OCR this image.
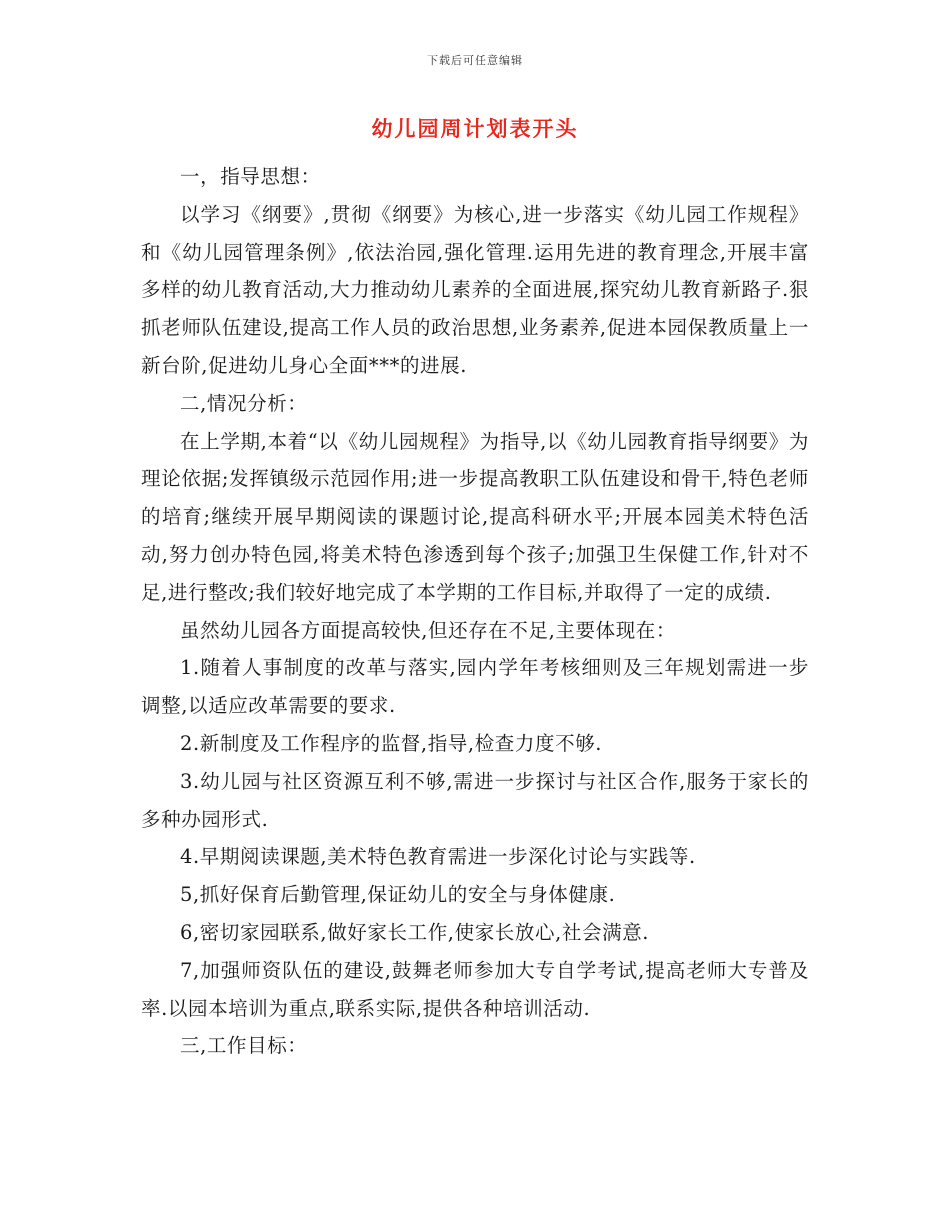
下载后可任意编辑
幼儿园周计划表开头

一，指导思想：

以学习《纲要》,贯彻《纲要》为核心,进一步落实《幼儿园工作规程》和《幼儿园管理条例》,依法治园,强化管理.运用先进的教育理念,开展丰富多样的幼儿教育活动,大力推动幼儿素养的全面进展,探究幼儿教育新路子.狠抓老师队伍建设,提高工作人员的政治思想,业务素养,促进本园保教质量上一新台阶,促进幼儿身心全面***的进展.

二,情况分析：

在上学期,本着“以《幼儿园规程》为指导,以《幼儿园教育指导纲要》为理论依据;发挥镇级示范园作用;进一步提高教职工队伍建设和骨干,特色老师的培育;继续开展早期阅读的课题讨论,提高科研水平;开展本园美术特色活动,努力创办特色园,将美术特色渗透到每个孩子;加强卫生保健工作,针对不足,进行整改;我们较好地完成了本学期的工作目标,并取得了一定的成绩.

虽然幼儿园各方面提高较快,但还存在不足,主要体现在：

1.随着人事制度的改革与落实,园内学年考核细则及三年规划需进一步调整,以适应改革需要的要求.

2.新制度及工作程序的监督,指导,检查力度不够.

3.幼儿园与社区资源互利不够,需进一步探讨与社区合作,服务于家长的多种办园形式.

4.早期阅读课题,美术特色教育需进一步深化讨论与实践等.

5,抓好保育后勤管理,保证幼儿的安全与身体健康.

6,密切家园联系,做好家长工作,使家长放心,社会满意.

7,加强师资队伍的建设,鼓舞老师参加大专自学考试,提高老师大专普及率.以园本培训为重点,联系实际,提供各种培训活动.

三,工作目标：
